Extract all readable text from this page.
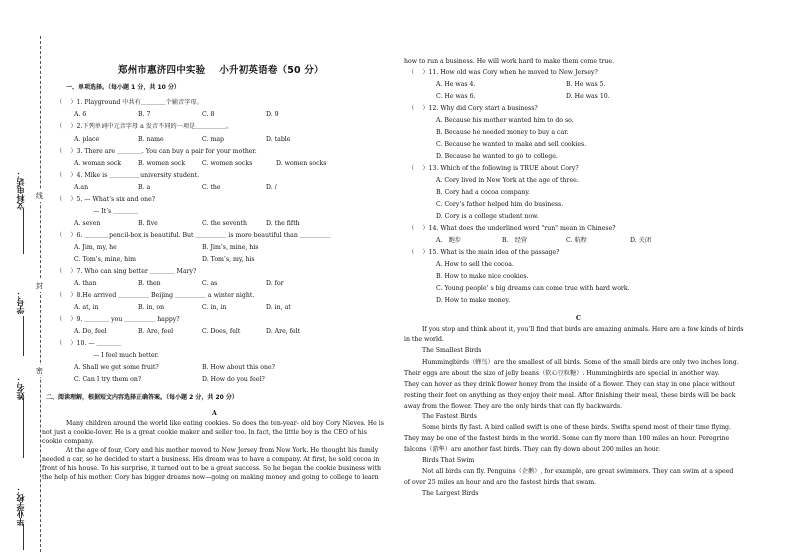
文科电话：
学号：
姓名：
毕业学校：
线
封
密
郑州市惠济四中实验 小升初英语卷（50 分）
一、单项选择。（每小题 1 分，共 10 分）
（　 ）1. Playground 中共有＿＿＿＿个辅音字母。
A. 6	B. 7	C. 8	D. 9
（　 ）2.下列单词中元音字母 a 发音不同的一项是＿＿＿＿＿。
A. place	B. name	C. map	D. table
（　 ）3. There are ＿＿＿＿. You can buy a pair for your mother.
A. woman sock	B. women sock	C. women socks	D. women socks
（　 ）4. Mike is ＿＿＿＿＿university student.
A.an	B. a	C. the	D. /
（　 ）5. — What’s six and one?
— It’s ＿＿＿＿
A. seven	B. five	C. the seventh	D. the fifth
（　 ）6. ＿＿＿＿pencil-box is beautiful. But ＿＿＿＿＿ is more beautiful than ＿＿＿＿＿
A. Jim, my, he	B. Jim’s, mine, his
C. Tom’s, mine, him	D. Tom’s, my, his
（　 ）7. Who can sing better ＿＿＿＿ Mary?
A. than	B. then	C. as	D. for
（　 ）8.He arrived ＿＿＿＿＿ Beijing ＿＿＿＿＿ a winter night.
A. at, in	B. in, on	C. in, in	D. in, at
（　 ）9. ＿＿＿＿ you ＿＿＿＿＿ happy?
A. Do, feel	B. Are, feel	C. Does, felt	D. Are, felt
（　 ）10. — ＿＿＿＿
— I feel much better.
A. Shall we get some fruit?	B. How about this one?
C. Can I try them on?	D. How do you feel?
二、阅读理解，根据短文内容选择正确答案。（每小题 2 分，共 20 分）
A
Many children around the world like eating cookies. So does the ten-year- old boy Cory Nieves. He is
not just a cookie-lover. He is a great cookie maker and seller too. In fact, the little boy is the CEO of his
cookie company.
At the age of four, Cory and his mother moved to New Jersey from New York. He thought his family
needed a car, so he decided to start a business. His dream was to have a company. At first, he sold cocoa in
front of his house. To his surprise, it turned out to be a great success. So he began the cookie business with
the help of his mother. Cory has bigger dreams now—going on making money and going to college to learn
how to run a business. He will work hard to make them come true.
（　 ）11. How old was Cory when he moved to New Jersey?
A. He was 4.	B. He was 5.
C. He was 6.	D. He was 10.
（　 ）12. Why did Cory start a business?
A. Because his mother wanted him to do so.
B. Because he needed money to buy a car.
C. Because he wanted to make and sell cookies.
D. Because he wanted to go to college.
（　 ）13. Which of the following is TRUE about Cory?
A. Cory lived in New York at the age of three.
B. Cory had a cocoa company.
C. Cory’s father helped him do business.
D. Cory is a college student now.
（　 ）14. What does the underlined word "run" mean in Chinese?
A.　跑步	B.　经营	C. 航程	D. 关闭
（　 ）15. What is the main idea of the passage?
A. How to sell the cocoa.
B. How to make nice cookies.
C. Young people’ s big dreams can come true with hard work.
D. How to make money.
C
If you stop and think about it, you’ll find that birds are amazing animals. Here are a few kinds of birds
in the world.
The Smallest Birds
Hummingbirds（蜂鸟）are the smallest of all birds. Some of the small birds are only two inches long.
Their eggs are about the size of jelly beans（软心豆粒糖）. Hummingbirds are special in another way.
They can hover as they drink flower honey from the inside of a flower. They can stay in one place without
resting their feet on anything as they enjoy their meal. After finishing their meal, these birds will be back
away from the flower. They are the only birds that can fly backwards.
The Fastest Birds
Some birds fly fast. A bird called swift is one of these birds. Swifts spend most of their time flying.
They may be one of the fastest birds in the world. Some can fly more than 100 miles an hour. Peregrine
falcons（游隼）are another fast birds. They can fly down about 200 miles an hour.
Birds That Swim
Not all birds can fly. Penguins（企鹅）, for example, are great swimmers. They can swim at a speed
of over 25 miles an hour and are the fastest birds that swam.
The Largest Birds
